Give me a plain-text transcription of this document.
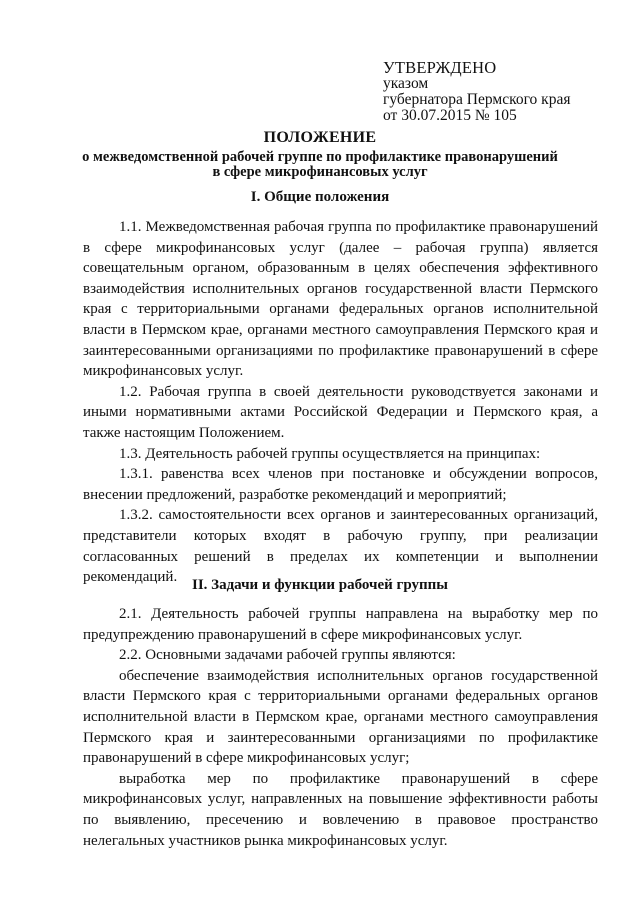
УТВЕРЖДЕНО
указом
губернатора Пермского края
от 30.07.2015 № 105
ПОЛОЖЕНИЕ
о межведомственной рабочей группе по профилактике правонарушений
в сфере микрофинансовых услуг
I. Общие положения

1.1. Межведомственная рабочая группа по профилактике правонарушений в сфере микрофинансовых услуг (далее – рабочая группа) является совещательным органом, образованным в целях обеспечения эффективного взаимодействия исполнительных органов государственной власти Пермского края с территориальными органами федеральных органов исполнительной власти в Пермском крае, органами местного самоуправления Пермского края и заинтересованными организациями по профилактике правонарушений в сфере микрофинансовых услуг.

1.2. Рабочая группа в своей деятельности руководствуется законами и иными нормативными актами Российской Федерации и Пермского края, а также настоящим Положением.

1.3. Деятельность рабочей группы осуществляется на принципах:

1.3.1. равенства всех членов при постановке и обсуждении вопросов, внесении предложений, разработке рекомендаций и мероприятий;

1.3.2. самостоятельности всех органов и заинтересованных организаций, представители которых входят в рабочую группу, при реализации согласованных решений в пределах их компетенции и выполнении рекомендаций. II. Задачи и функции рабочей группы

2.1. Деятельность рабочей группы направлена на выработку мер по предупреждению правонарушений в сфере микрофинансовых услуг.

2.2. Основными задачами рабочей группы являются:

обеспечение взаимодействия исполнительных органов государственной власти Пермского края с территориальными органами федеральных органов исполнительной власти в Пермском крае, органами местного самоуправления Пермского края и заинтересованными организациями по профилактике правонарушений в сфере микрофинансовых услуг;

выработка мер по профилактике правонарушений в сфере микрофинансовых услуг, направленных на повышение эффективности работы по выявлению, пресечению и вовлечению в правовое пространство нелегальных участников рынка микрофинансовых услуг.
